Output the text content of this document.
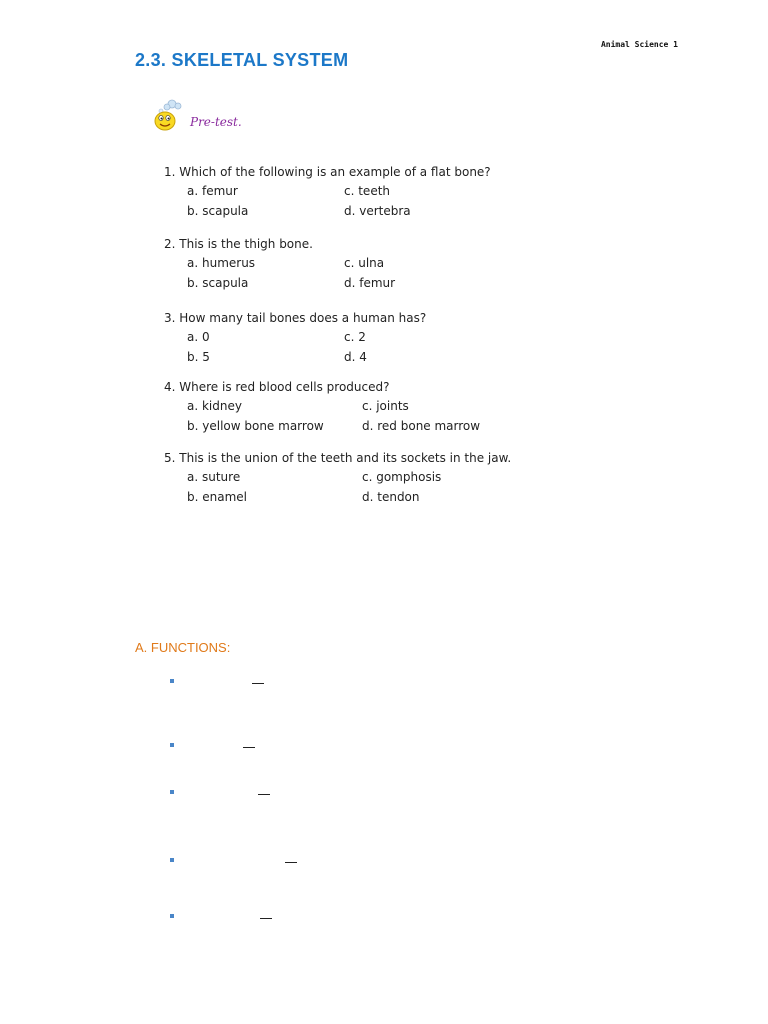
Animal Science 1
2.3. SKELETAL SYSTEM
Pre-test.
1. Which of the following is an example of a flat bone?
a. femur	c. teeth
b. scapula	d. vertebra
2. This is the thigh bone.
a. humerus	c. ulna
b. scapula	d. femur
3. How many tail bones does a human has?
a. 0	c. 2
b. 5	d. 4
4. Where is red blood cells produced?
a. kidney	c. joints
b. yellow bone marrow	d. red bone marrow
5. This is the union of the teeth and its sockets in the jaw.
a. suture	c. gomphosis
b. enamel	d. tendon
A. FUNCTIONS:
